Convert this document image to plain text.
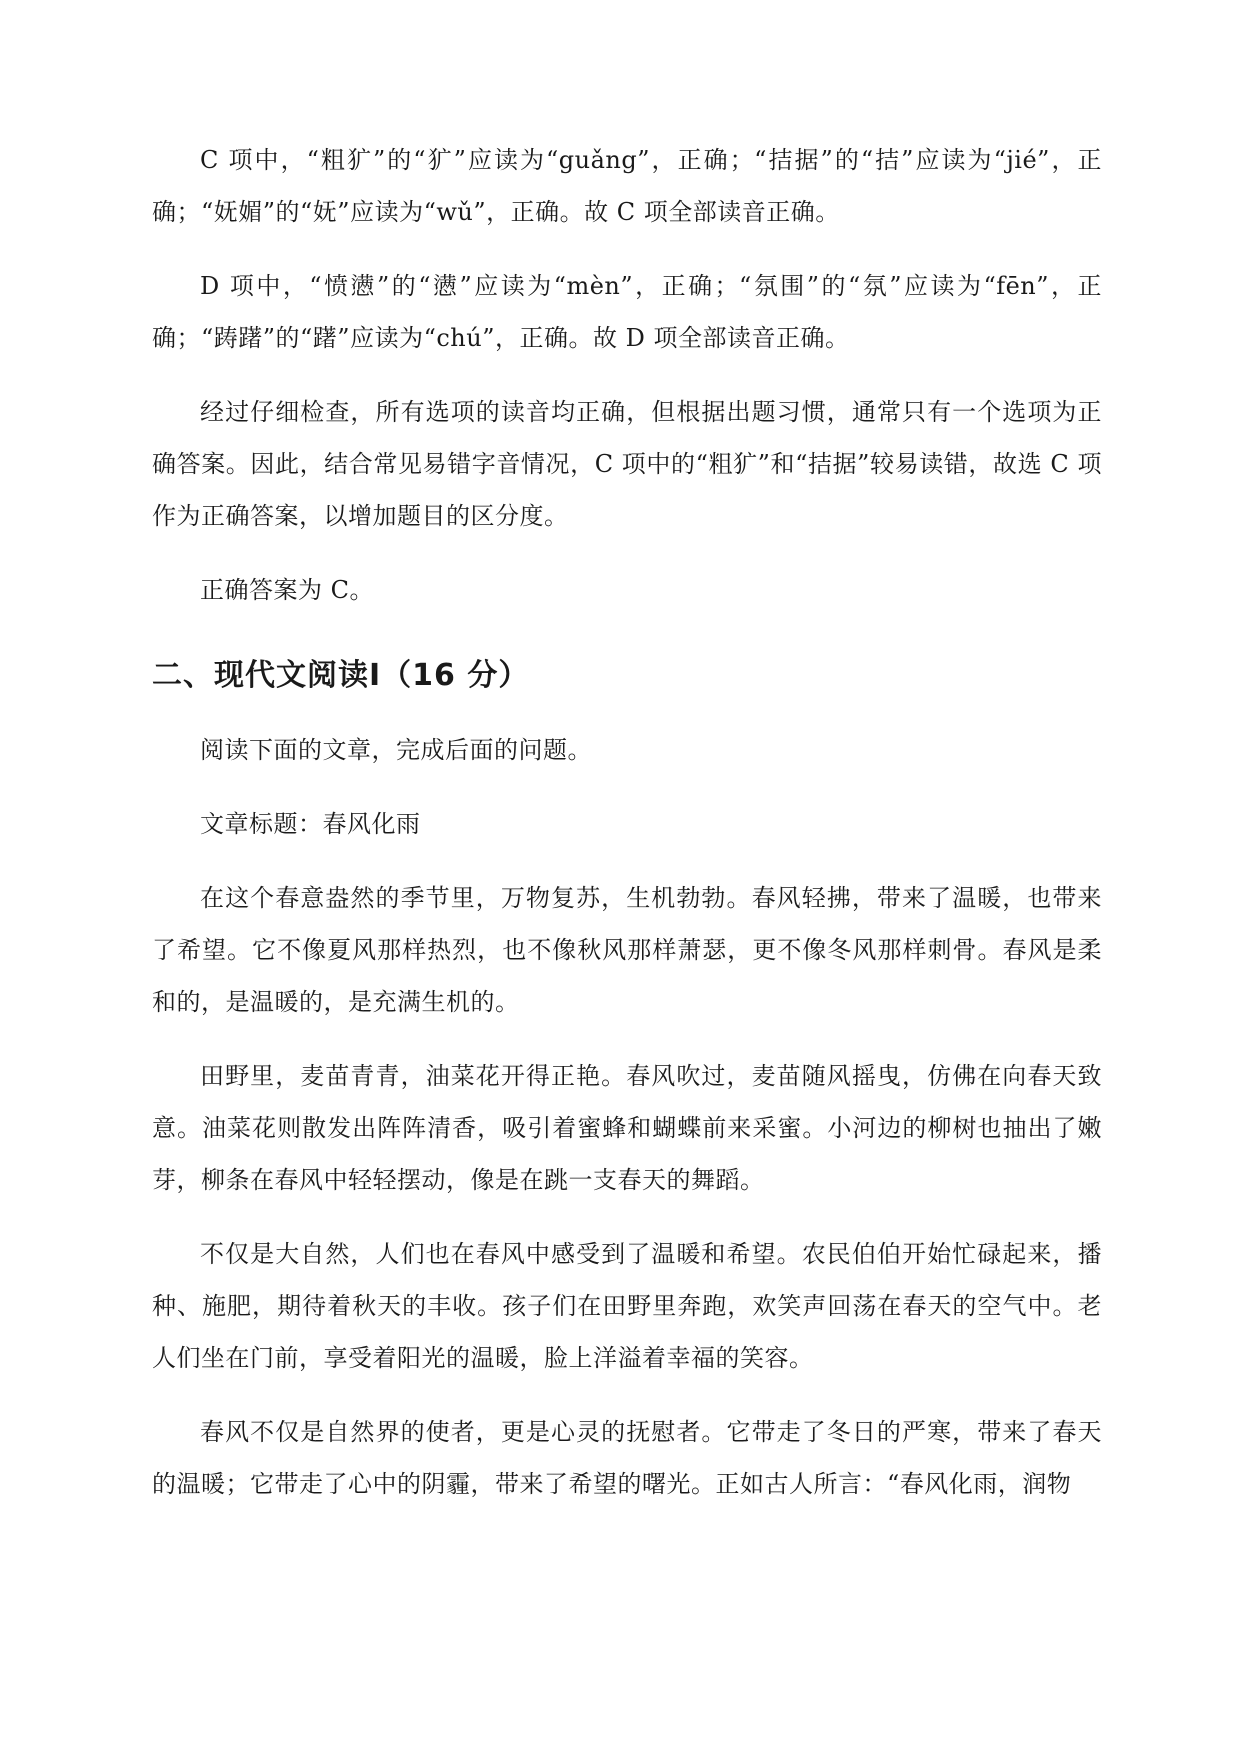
C 项中，“粗犷”的“犷”应读为“guǎng”，正确；“拮据”的“拮”应读为“jié”，正确；“妩媚”的“妩”应读为“wǔ”，正确。故 C 项全部读音正确。

D 项中，“愤懑”的“懑”应读为“mèn”，正确；“氛围”的“氛”应读为“fēn”，正确；“踌躇”的“躇”应读为“chú”，正确。故 D 项全部读音正确。

经过仔细检查，所有选项的读音均正确，但根据出题习惯，通常只有一个选项为正确答案。因此，结合常见易错字音情况，C 项中的“粗犷”和“拮据”较易读错，故选 C 项作为正确答案，以增加题目的区分度。

正确答案为 C。

二、现代文阅读Ⅰ（16 分）

阅读下面的文章，完成后面的问题。

文章标题：春风化雨

在这个春意盎然的季节里，万物复苏，生机勃勃。春风轻拂，带来了温暖，也带来了希望。它不像夏风那样热烈，也不像秋风那样萧瑟，更不像冬风那样刺骨。春风是柔和的，是温暖的，是充满生机的。

田野里，麦苗青青，油菜花开得正艳。春风吹过，麦苗随风摇曳，仿佛在向春天致意。油菜花则散发出阵阵清香，吸引着蜜蜂和蝴蝶前来采蜜。小河边的柳树也抽出了嫩芽，柳条在春风中轻轻摆动，像是在跳一支春天的舞蹈。

不仅是大自然，人们也在春风中感受到了温暖和希望。农民伯伯开始忙碌起来，播种、施肥，期待着秋天的丰收。孩子们在田野里奔跑，欢笑声回荡在春天的空气中。老人们坐在门前，享受着阳光的温暖，脸上洋溢着幸福的笑容。

春风不仅是自然界的使者，更是心灵的抚慰者。它带走了冬日的严寒，带来了春天的温暖；它带走了心中的阴霾，带来了希望的曙光。正如古人所言：“春风化雨，润物
